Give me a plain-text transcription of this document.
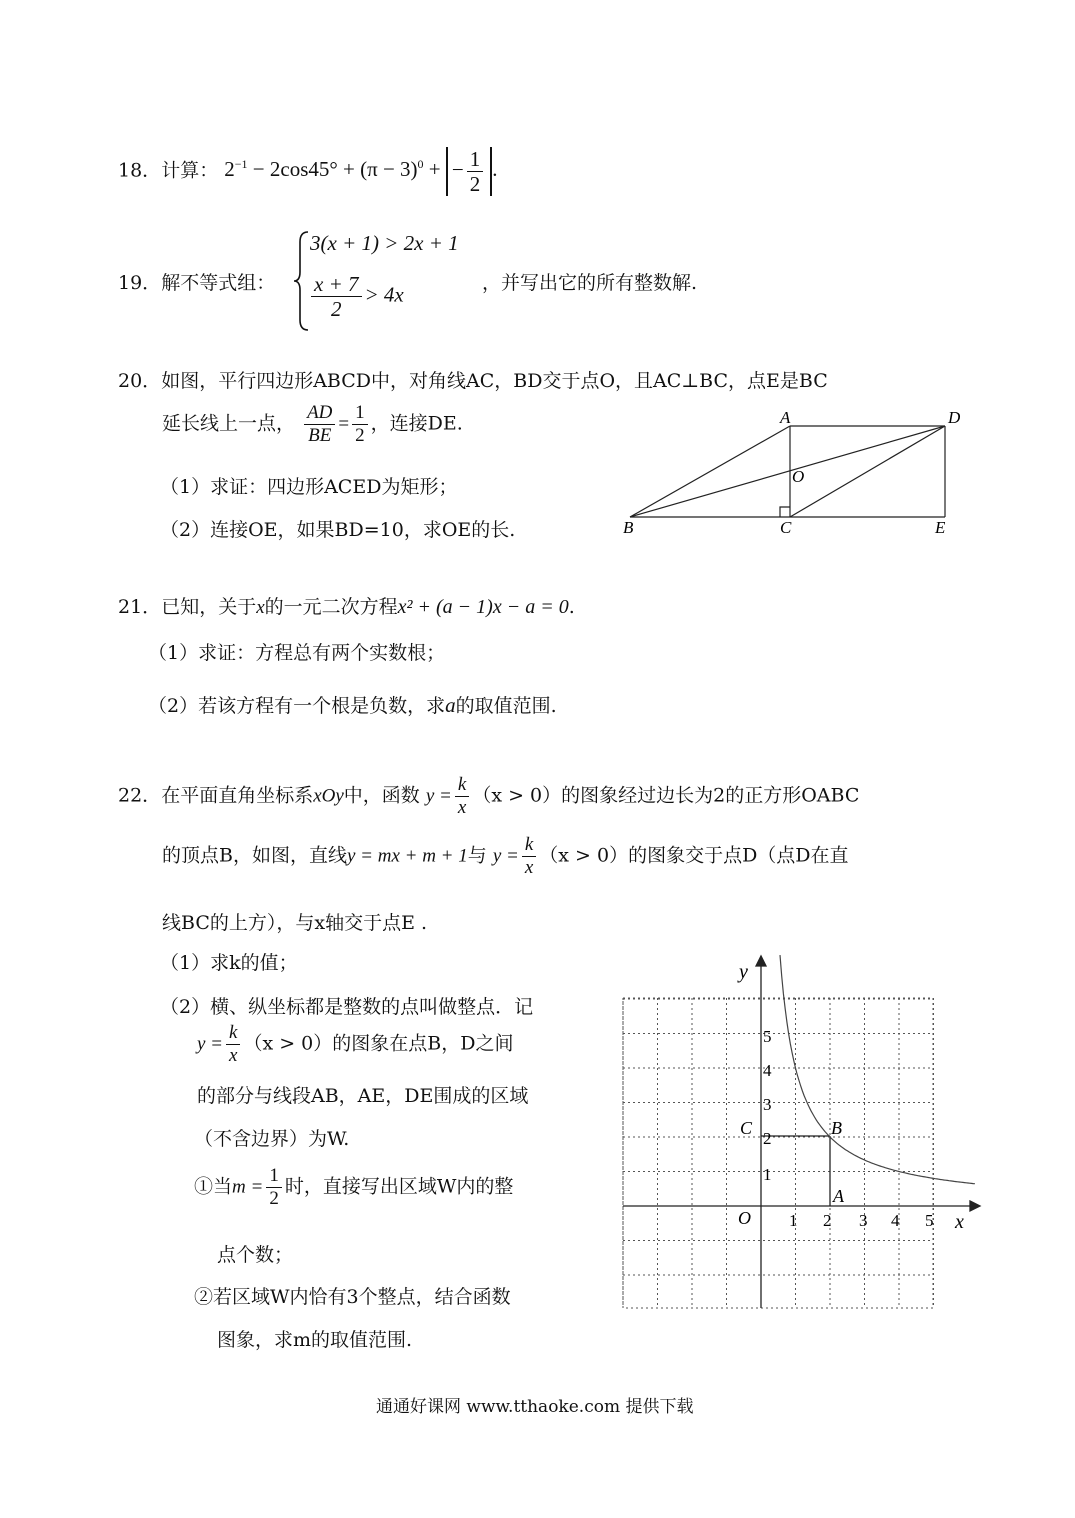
18．计算： $2^{-1} - 2\cos 45^\circ + (\pi - 3)^0$ + − $\frac{1}{2}$ .
19．解不等式组：
3(x + 1) > 2x + 1
$\frac{x + 7}{2} > 4x$	，并写出它的所有整数解.
20．如图，平行四边形ABCD中，对角线AC，BD交于点O，且AC⊥BC，点E是BC
延长线上一点， $\frac{AD}{BE} = \frac{1}{2}$ ，连接DE.
（1）求证：四边形ACED为矩形；
（2）连接OE，如果BD=10，求OE的长.
A	D
O
B	C	E
21．已知，关于x的一元二次方程x² + (a − 1)x − a = 0.
（1）求证：方程总有两个实数根；
（2）若该方程有一个根是负数，求a的取值范围.
22．在平面直角坐标系xOy中，函数 $y = \frac{k}{x} (x > 0)$的图象经过边长为2的正方形OABC
的顶点B，如图，直线y = mx + m + 1与 $y = \frac{k}{x} (x > 0)$的图象交于点D（点D在直
线BC的上方），与x轴交于点E .
（1）求k的值；
（2）横、纵坐标都是整数的点叫做整点．记
$y = \frac{k}{x} (x > 0)$的图象在点B，D之间
的部分与线段AB，AE，DE围成的区域
（不含边界）为W.
①当$m = \frac{1}{2}$ 时，直接写出区域W内的整
点个数；
②若区域W内恰有3个整点，结合函数
图象，求m的取值范围.
y
x
O 1 2 3 4 5
1
2
3
4
5
C	B
A
通通好课网 www.tthaoke.com 提供下载
